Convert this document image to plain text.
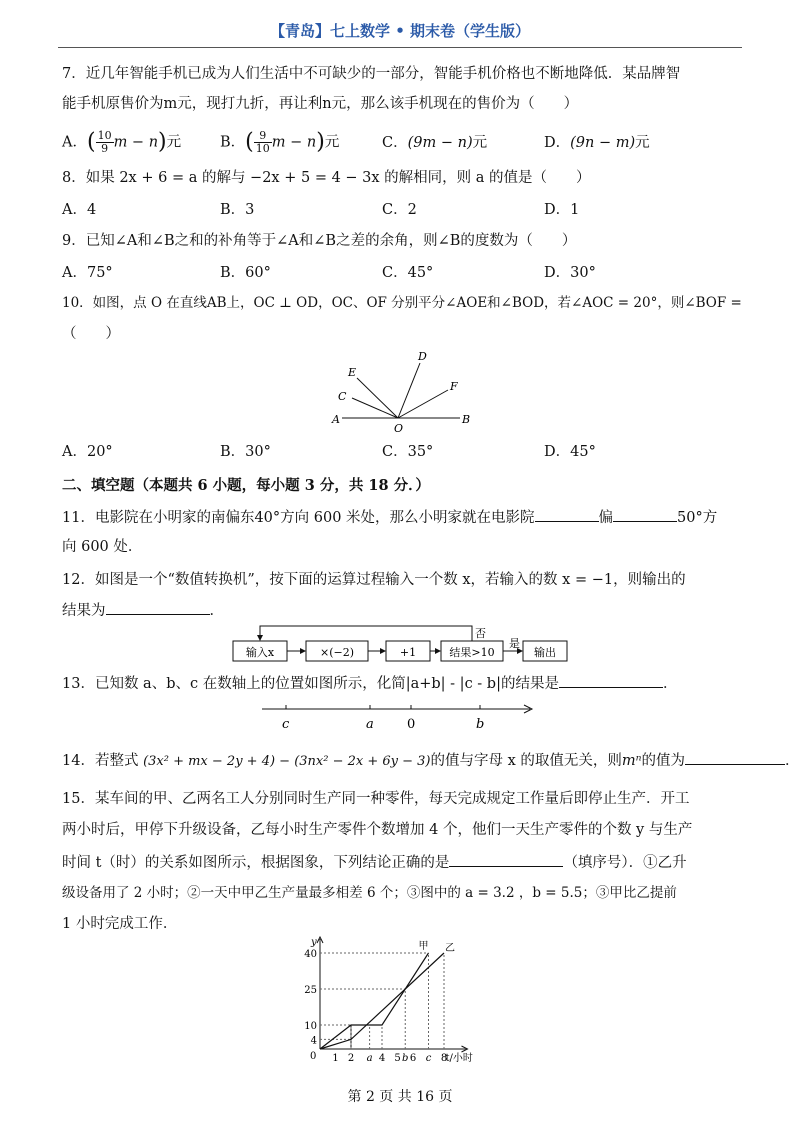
【青岛】七上数学 • 期末卷（学生版）
7．近几年智能手机已成为人们生活中不可缺少的一部分，智能手机价格也不断地降低．某品牌智
能手机原售价为m元，现打九折，再让利n元，那么该手机现在的售价为（　　）
A．( $\frac{10}{9}$ m − n)元	B．( $\frac{9}{10}$ m − n)元	C．(9m − n)元	D．(9n − m)元
8．如果 2x + 6 = a 的解与 −2x + 5 = 4 − 3x 的解相同，则 a 的值是（　　）
A．4	B．3	C．2	D．1
9．已知∠A和∠B之和的补角等于∠A和∠B之差的余角，则∠B的度数为（　　）
A．75°	B．60°	C．45°	D．30°
10．如图，点 O 在直线AB上，OC ⊥ OD，OC、OF 分别平分∠AOE和∠BOD，若∠AOC = 20°，则∠BOF =
（　　）
A	B
C
E
D
F
O
A．20°	B．30°	C．35°	D．45°
二、填空题（本题共 6 小题，每小题 3 分，共 18 分．）
11．电影院在小明家的南偏东40°方向 600 米处，那么小明家就在电影院	偏	50°方
向 600 处．
12．如图是一个“数值转换机”，按下面的运算过程输入一个数 x，若输入的数 x = −1，则输出的
结果为	．
输入x	×(−2)	+1	结果>10
是
输出
否
13．已知数 a、b、c 在数轴上的位置如图所示，化简|a+b| - |c - b|的结果是	．
c	a	0	b
14．若整式 (3x² + mx − 2y + 4) − (3nx² − 2x + 6y − 3)的值与字母 x 的取值无关，则mⁿ的值为	．
15．某车间的甲、乙两名工人分别同时生产同一种零件，每天完成规定工作量后即停止生产．开工
两小时后，甲停下升级设备，乙每小时生产零件个数增加 4 个，他们一天生产零件的个数 y 与生产
时间 t（时）的关系如图所示，根据图象，下列结论正确的是	（填序号）．①乙升
级设备用了 2 小时；②一天中甲乙生产量最多相差 6 个；③图中的 a = 3.2 ，b = 5.5；③甲比乙提前
1 小时完成工作．
y
t/小时
0
4
10
25
40
1 2 a 4 5 b 6 c 8
甲 乙
第 2 页 共 16 页
